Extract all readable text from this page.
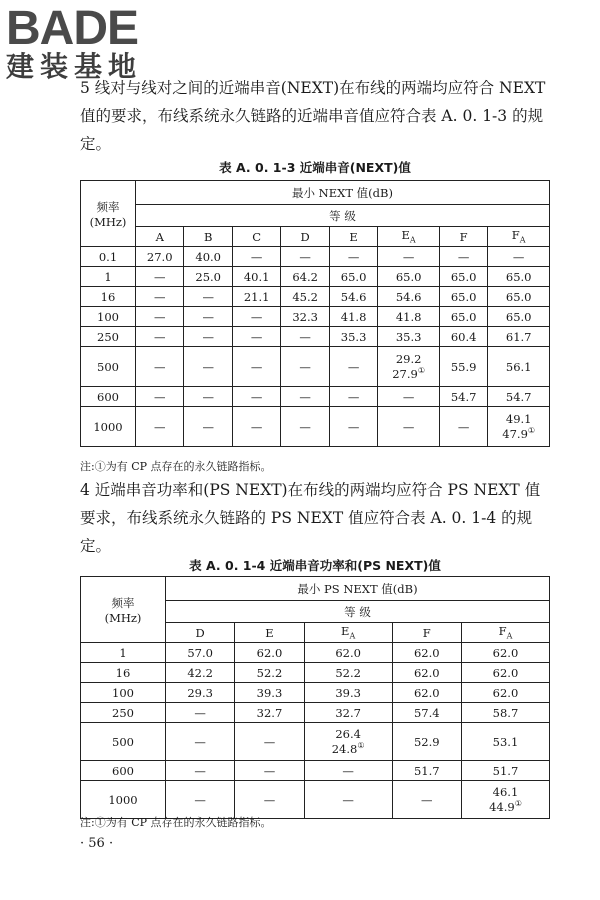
BADE
建装基地
5 线对与线对之间的近端串音(NEXT)在布线的两端均应符合 NEXT 值的要求，布线系统永久链路的近端串音值应符合表 A. 0. 1-3 的规定。
表 A. 0. 1-3 近端串音(NEXT)值
频率
(MHz)	最小 NEXT 值(dB)							
	等 级							
	A	B	C	D	E	$E_A$	F	$F_A$
0.1	27.0	40.0	—	—	—	—	—	—
1	—	25.0	40.1	64.2	65.0	65.0	65.0	65.0
16	—	—	21.1	45.2	54.6	54.6	65.0	65.0
100	—	—	—	32.3	41.8	41.8	65.0	65.0
250	—	—	—	—	35.3	35.3	60.4	61.7
500	—	—	—	—	—	29.2
27.9①	55.9	56.1
600	—	—	—	—	—	—	54.7	54.7
1000	—	—	—	—	—	—	—	49.1
47.9①
注:①为有 CP 点存在的永久链路指标。
4 近端串音功率和(PS NEXT)在布线的两端均应符合 PS NEXT 值要求，布线系统永久链路的 PS NEXT 值应符合表 A. 0. 1-4 的规定。
表 A. 0. 1-4 近端串音功率和(PS NEXT)值
频率
(MHz)	最小 PS NEXT 值(dB)				
	等 级				
	D	E	$E_A$	F	$F_A$
1	57.0	62.0	62.0	62.0	62.0
16	42.2	52.2	52.2	62.0	62.0
100	29.3	39.3	39.3	62.0	62.0
250	—	32.7	32.7	57.4	58.7
500	—	—	26.4
24.8①	52.9	53.1
600	—	—	—	51.7	51.7
1000	—	—	—	—	46.1
44.9①
注:①为有 CP 点存在的永久链路指标。
· 56 ·
